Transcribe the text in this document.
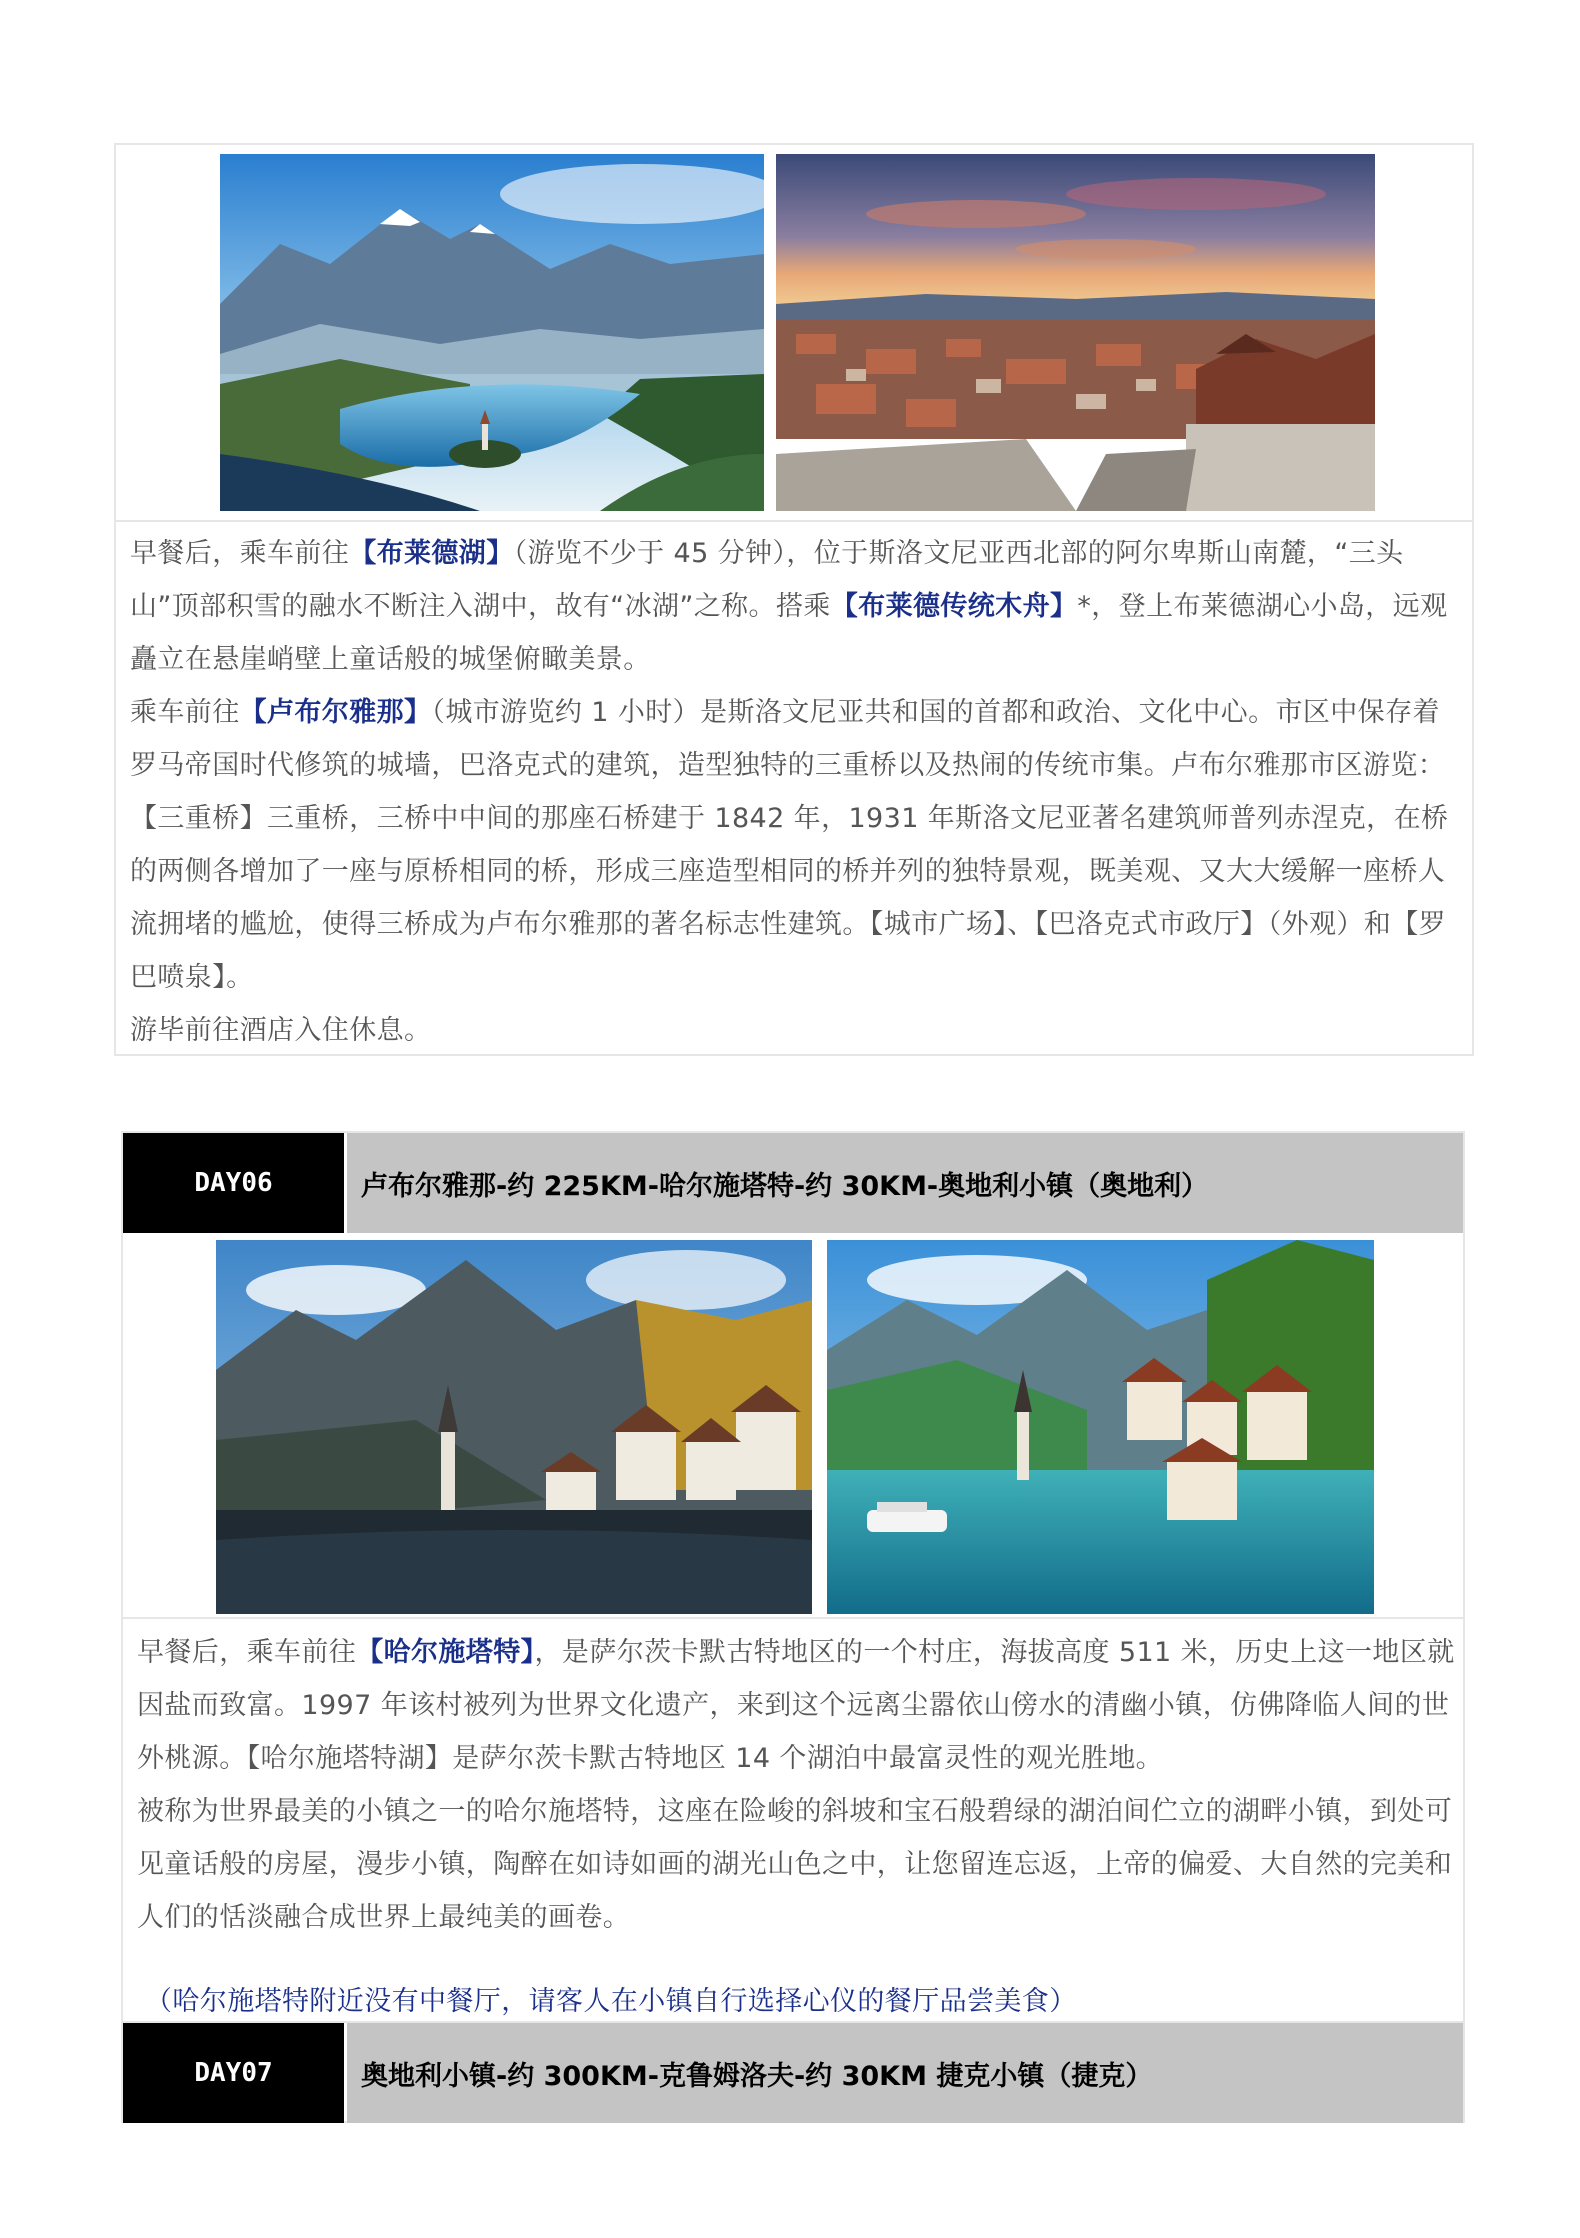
早餐后，乘车前往【布莱德湖】（游览不少于 45 分钟），位于斯洛文尼亚西北部的阿尔卑斯山南麓，“三头山”顶部积雪的融水不断注入湖中，故有“冰湖”之称。搭乘【布莱德传统木舟】*，登上布莱德湖心小岛，远观矗立在悬崖峭壁上童话般的城堡俯瞰美景。

乘车前往【卢布尔雅那】（城市游览约 1 小时）是斯洛文尼亚共和国的首都和政治、文化中心。市区中保存着罗马帝国时代修筑的城墙，巴洛克式的建筑，造型独特的三重桥以及热闹的传统市集。卢布尔雅那市区游览：【三重桥】三重桥，三桥中中间的那座石桥建于 1842 年，1931 年斯洛文尼亚著名建筑师普列赤涅克，在桥的两侧各增加了一座与原桥相同的桥，形成三座造型相同的桥并列的独特景观，既美观、又大大缓解一座桥人流拥堵的尴尬，使得三桥成为卢布尔雅那的著名标志性建筑。【城市广场】、【巴洛克式市政厅】（外观）和【罗巴喷泉】。

游毕前往酒店入住休息。

DAY06	卢布尔雅那-约 225KM-哈尔施塔特-约 30KM-奥地利小镇（奥地利）

早餐后，乘车前往【哈尔施塔特】，是萨尔茨卡默古特地区的一个村庄，海拔高度 511 米，历史上这一地区就因盐而致富。1997 年该村被列为世界文化遗产，来到这个远离尘嚣依山傍水的清幽小镇，仿佛降临人间的世外桃源。【哈尔施塔特湖】是萨尔茨卡默古特地区 14 个湖泊中最富灵性的观光胜地。

被称为世界最美的小镇之一的哈尔施塔特，这座在险峻的斜坡和宝石般碧绿的湖泊间伫立的湖畔小镇，到处可见童话般的房屋，漫步小镇，陶醉在如诗如画的湖光山色之中，让您留连忘返，上帝的偏爱、大自然的完美和人们的恬淡融合成世界上最纯美的画卷。

（哈尔施塔特附近没有中餐厅，请客人在小镇自行选择心仪的餐厅品尝美食）
DAY07	奥地利小镇-约 300KM-克鲁姆洛夫-约 30KM 捷克小镇（捷克）
